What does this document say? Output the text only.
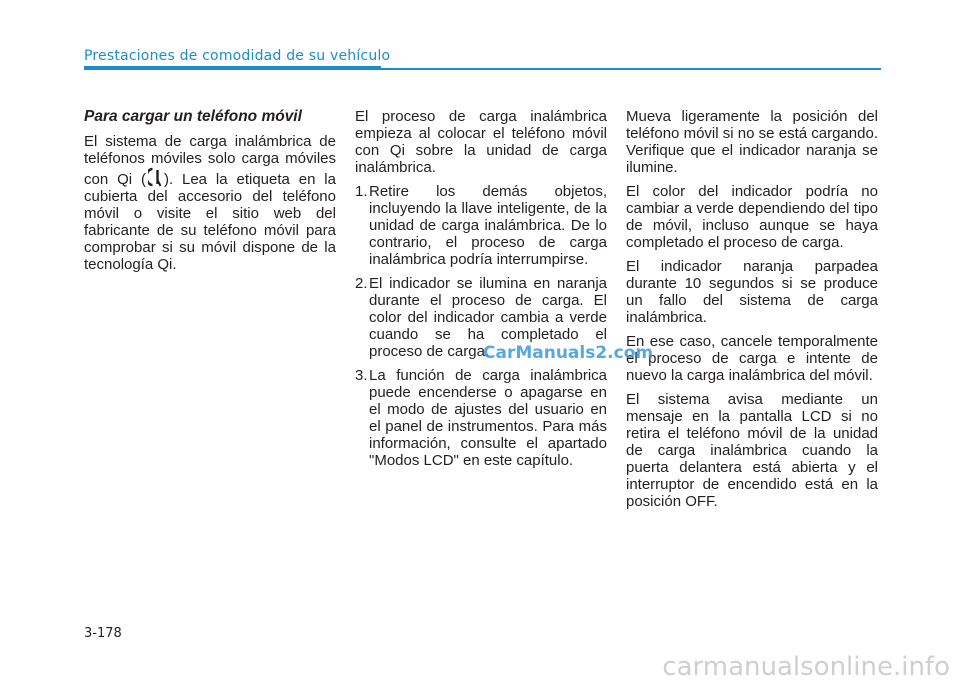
Prestaciones de comodidad de su vehículo

Para cargar un teléfono móvil

El sistema de carga inalámbrica de teléfonos móviles solo carga móviles con Qi ( ). Lea la etiqueta en la cubierta del accesorio del teléfono móvil o visite el sitio web del fabricante de su teléfono móvil para comprobar si su móvil dispone de la tecnología Qi.

El proceso de carga inalámbrica empieza al colocar el teléfono móvil con Qi sobre la unidad de carga inalámbrica.

1. Retire los demás objetos, incluyendo la llave inteligente, de la unidad de carga inalámbrica. De lo contrario, el proceso de carga inalámbrica podría interrumpirse.
2. El indicador se ilumina en naranja durante el proceso de carga. El color del indicador cambia a verde cuando se ha completado el proceso de carga.
3. La función de carga inalámbrica puede encenderse o apagarse en el modo de ajustes del usuario en el panel de instrumentos. Para más información, consulte el apartado "Modos LCD" en este capítulo.

Mueva ligeramente la posición del teléfono móvil si no se está cargando. Verifique que el indicador naranja se ilumine.

El color del indicador podría no cambiar a verde dependiendo del tipo de móvil, incluso aunque se haya completado el proceso de carga.

El indicador naranja parpadea durante 10 segundos si se produce un fallo del sistema de carga inalámbrica.

En ese caso, cancele temporalmente el proceso de carga e intente de nuevo la carga inalámbrica del móvil.

El sistema avisa mediante un mensaje en la pantalla LCD si no retira el teléfono móvil de la unidad de carga inalámbrica cuando la puerta delantera está abierta y el interruptor de encendido está en la posición OFF.

CarManuals2.com
3-178
carmanualsonline.info
